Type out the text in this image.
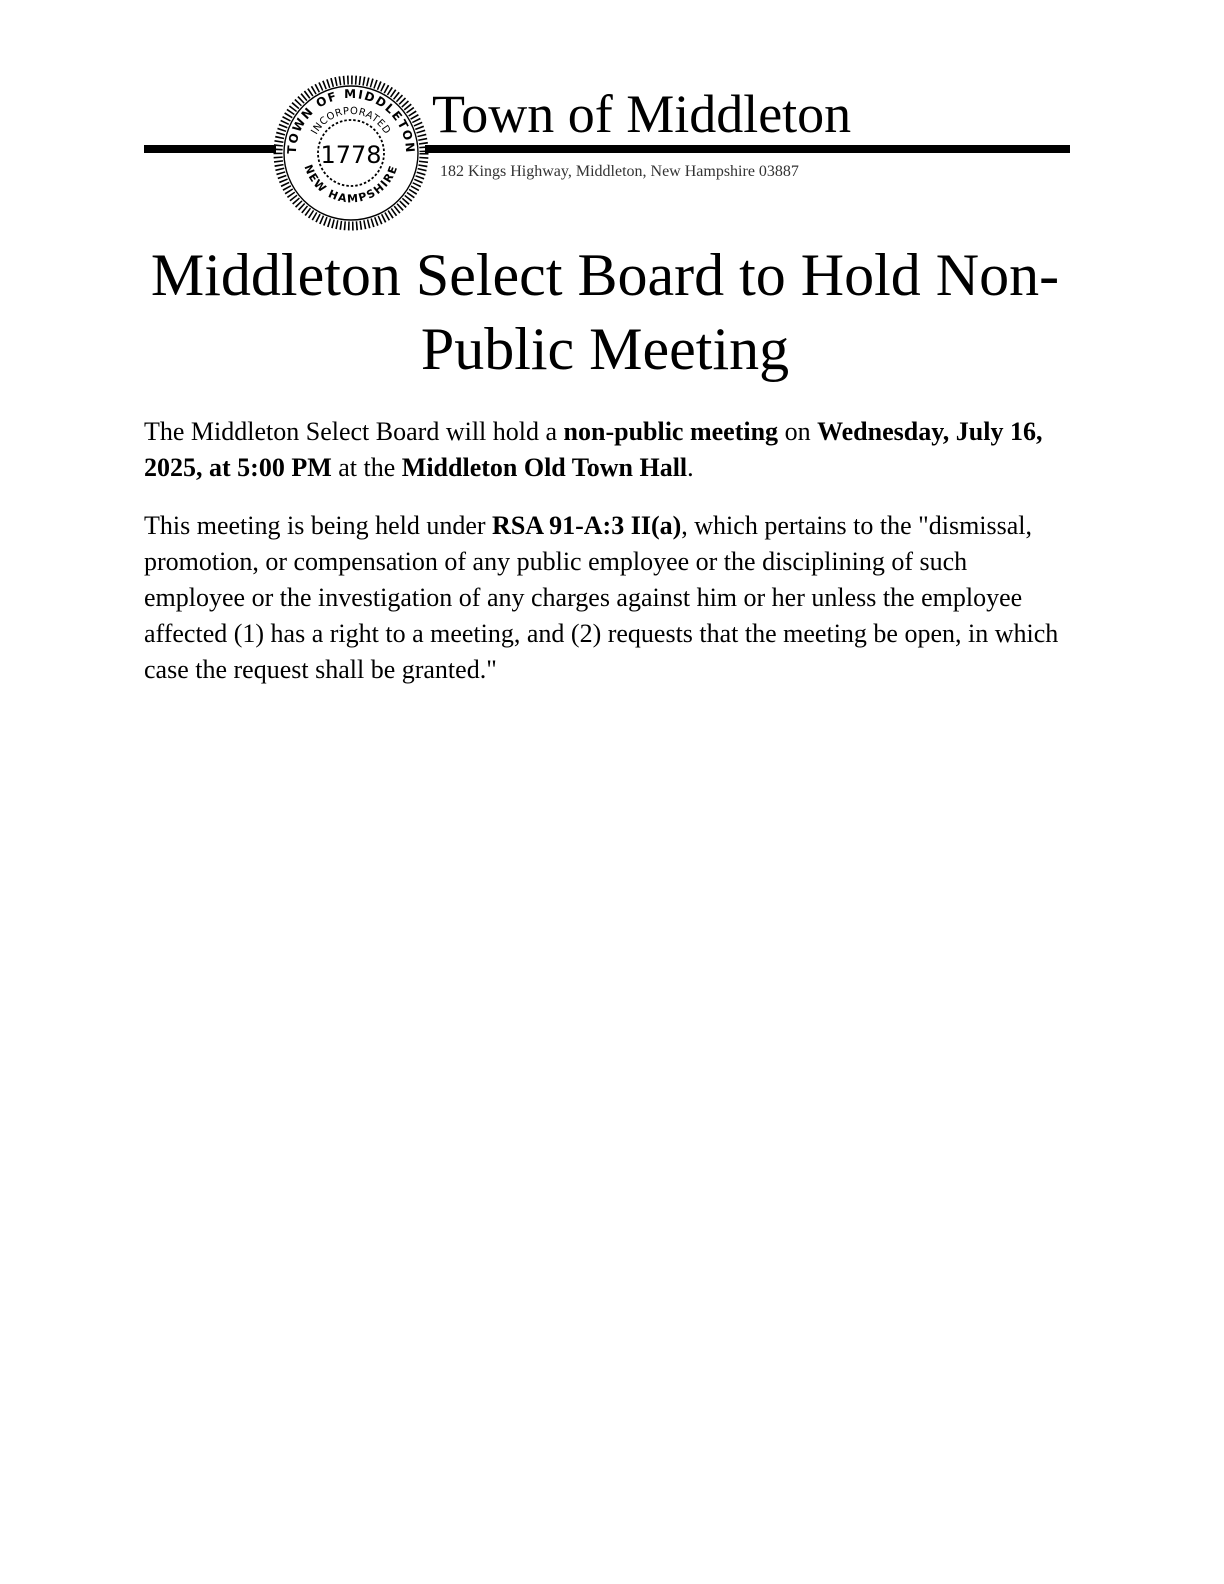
TOWN OF MIDDLETON
NEW HAMPSHIRE
INCORPORATED
1778
Town of Middleton
182 Kings Highway, Middleton, New Hampshire 03887
Middleton Select Board to Hold Non-Public Meeting

The Middleton Select Board will hold a non-public meeting on Wednesday, July 16, 2025, at 5:00 PM at the Middleton Old Town Hall.

This meeting is being held under RSA 91-A:3 II(a), which pertains to the "dismissal, promotion, or compensation of any public employee or the disciplining of such employee or the investigation of any charges against him or her unless the employee affected (1) has a right to a meeting, and (2) requests that the meeting be open, in which case the request shall be granted."
